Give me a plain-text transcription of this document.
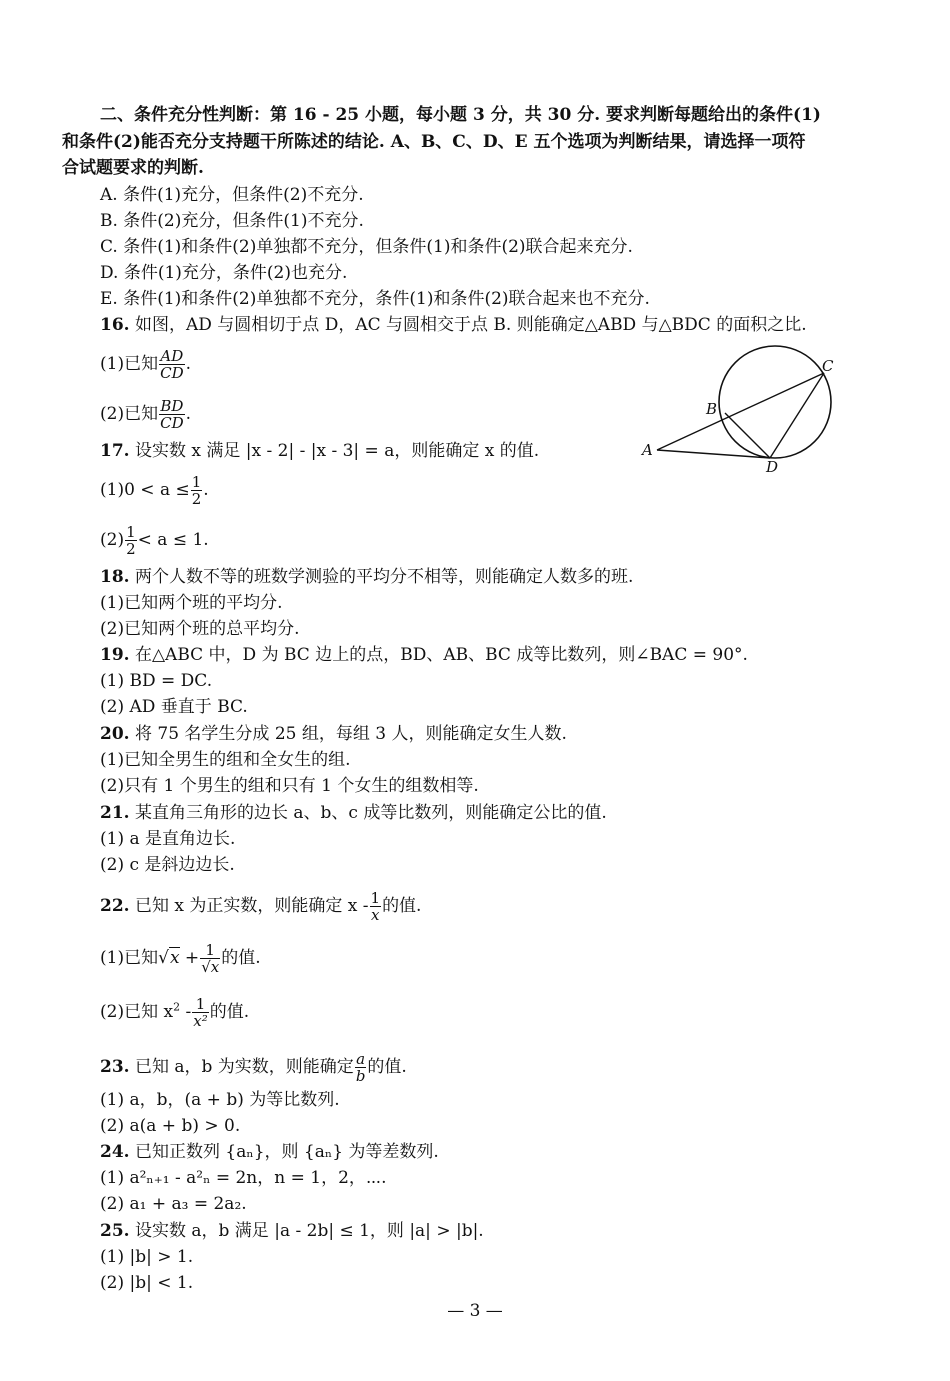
二、条件充分性判断：第 16 - 25 小题，每小题 3 分，共 30 分. 要求判断每题给出的条件(1)
和条件(2)能否充分支持题干所陈述的结论. A、B、C、D、E 五个选项为判断结果，请选择一项符
合试题要求的判断.
A. 条件(1)充分，但条件(2)不充分.
B. 条件(2)充分，但条件(1)不充分.
C. 条件(1)和条件(2)单独都不充分，但条件(1)和条件(2)联合起来充分.
D. 条件(1)充分，条件(2)也充分.
E. 条件(1)和条件(2)单独都不充分，条件(1)和条件(2)联合起来也不充分.
16. 如图，AD 与圆相切于点 D，AC 与圆相交于点 B. 则能确定△ABD 与△BDC 的面积之比.
(1)已知 $\frac{AD}{CD}$ .
(2)已知 $\frac{BD}{CD}$ .
A
B
C
D
17. 设实数 x 满足 |x - 2| - |x - 3| = a，则能确定 x 的值.
$(1)0 < a \le \frac{1}{2}$ .
$(2) \frac{1}{2} < a \le 1$.
18. 两个人数不等的班数学测验的平均分不相等，则能确定人数多的班.
(1)已知两个班的平均分.
(2)已知两个班的总平均分.
19. 在△ABC 中，D 为 BC 边上的点，BD、AB、BC 成等比数列，则∠BAC = 90°.
(1) BD = DC.
(2) AD 垂直于 BC.
20. 将 75 名学生分成 25 组，每组 3 人，则能确定女生人数.
(1)已知全男生的组和全女生的组.
(2)只有 1 个男生的组和只有 1 个女生的组数相等.
21. 某直角三角形的边长 a、b、c 成等比数列，则能确定公比的值.
(1) a 是直角边长.
(2) c 是斜边边长.
22. 已知 x 为正实数，则能确定 x - $\frac{1}{x}$ 的值.
(1)已知$√x + \frac{1}{√x}$ 的值.
(2)已知 $x^2 - \frac{1}{\text{x²}}$ 的值.
23. 已知 a，b 为实数，则能确定 $\frac{a}{b}$ 的值.
(1) a，b，(a + b) 为等比数列.
(2) a(a + b) > 0.
24. 已知正数列 {aₙ}，则 {aₙ} 为等差数列.
(1) a²ₙ₊₁ - a²ₙ = 2n，n = 1，2，⋯.
(2) a₁ + a₃ = 2a₂.
25. 设实数 a，b 满足 |a - 2b| ≤ 1，则 |a| > |b|.
(1) |b| > 1.
(2) |b| < 1.
— 3 —
